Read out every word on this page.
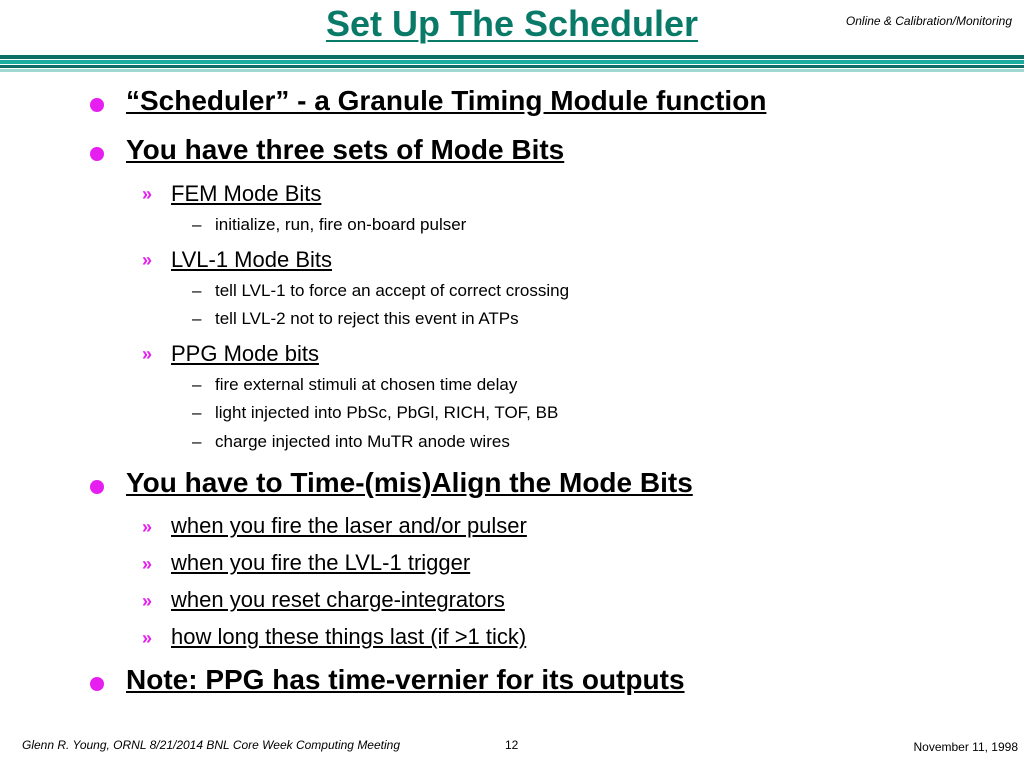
Set Up The Scheduler	Online & Calibration/Monitoring
“Scheduler” - a Granule Timing Module function
You have three sets of Mode Bits
» FEM Mode Bits
– initialize, run, fire on-board pulser
» LVL-1 Mode Bits
– tell LVL-1 to force an accept of correct crossing
– tell LVL-2 not to reject this event in ATPs
» PPG Mode bits
– fire external stimuli at chosen time delay
– light injected into PbSc, PbGl, RICH, TOF, BB
– charge injected into MuTR anode wires
You have to Time-(mis)Align the Mode Bits
» when you fire the laser and/or pulser
» when you fire the LVL-1 trigger
» when you reset charge-integrators
» how long these things last (if >1 tick)
Note: PPG has time-vernier for its outputs
Glenn R. Young, ORNL 8/21/2014 BNL Core Week Computing Meeting	12	November 11, 1998
